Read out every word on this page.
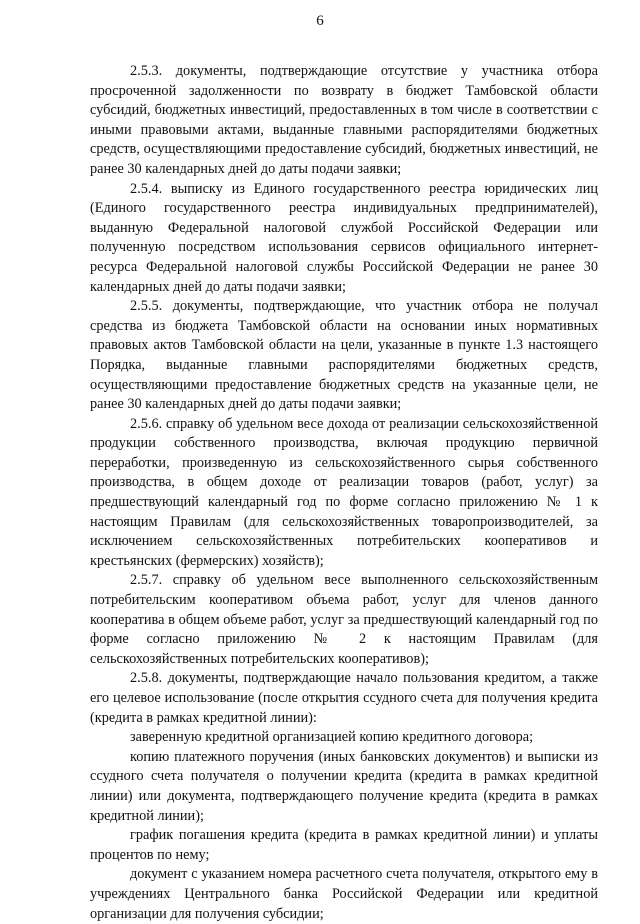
6

2.5.3. документы, подтверждающие отсутствие у участника отбора просроченной задолженности по возврату в бюджет Тамбовской области субсидий, бюджетных инвестиций, предоставленных в том числе в соответствии с иными правовыми актами, выданные главными распорядителями бюджетных средств, осуществляющими предоставление субсидий, бюджетных инвестиций, не ранее 30 календарных дней до даты подачи заявки;

2.5.4. выписку из Единого государственного реестра юридических лиц (Единого государственного реестра индивидуальных предпринимателей), выданную Федеральной налоговой службой Российской Федерации или полученную посредством использования сервисов официального интернет-ресурса Федеральной налоговой службы Российской Федерации не ранее 30 календарных дней до даты подачи заявки;

2.5.5. документы, подтверждающие, что участник отбора не получал средства из бюджета Тамбовской области на основании иных нормативных правовых актов Тамбовской области на цели, указанные в пункте 1.3 настоящего Порядка, выданные главными распорядителями бюджетных средств, осуществляющими предоставление бюджетных средств на указанные цели, не ранее 30 календарных дней до даты подачи заявки;

2.5.6. справку об удельном весе дохода от реализации сельскохозяйственной продукции собственного производства, включая продукцию первичной переработки, произведенную из сельскохозяйственного сырья собственного производства, в общем доходе от реализации товаров (работ, услуг) за предшествующий календарный год по форме согласно приложению № 1 к настоящим Правилам (для сельскохозяйственных товаропроизводителей, за исключением сельскохозяйственных потребительских кооперативов и крестьянских (фермерских) хозяйств);

2.5.7. справку об удельном весе выполненного сельскохозяйственным потребительским кооперативом объема работ, услуг для членов данного кооператива в общем объеме работ, услуг за предшествующий календарный год по форме согласно приложению № 2 к настоящим Правилам (для сельскохозяйственных потребительских кооперативов);

2.5.8. документы, подтверждающие начало пользования кредитом, а также его целевое использование (после открытия ссудного счета для получения кредита (кредита в рамках кредитной линии):

заверенную кредитной организацией копию кредитного договора;

копию платежного поручения (иных банковских документов) и выписки из ссудного счета получателя о получении кредита (кредита в рамках кредитной линии) или документа, подтверждающего получение кредита (кредита в рамках кредитной линии);

график погашения кредита (кредита в рамках кредитной линии) и уплаты процентов по нему;

документ с указанием номера расчетного счета получателя, открытого ему в учреждениях Центрального банка Российской Федерации или кредитной организации для получения субсидии;
